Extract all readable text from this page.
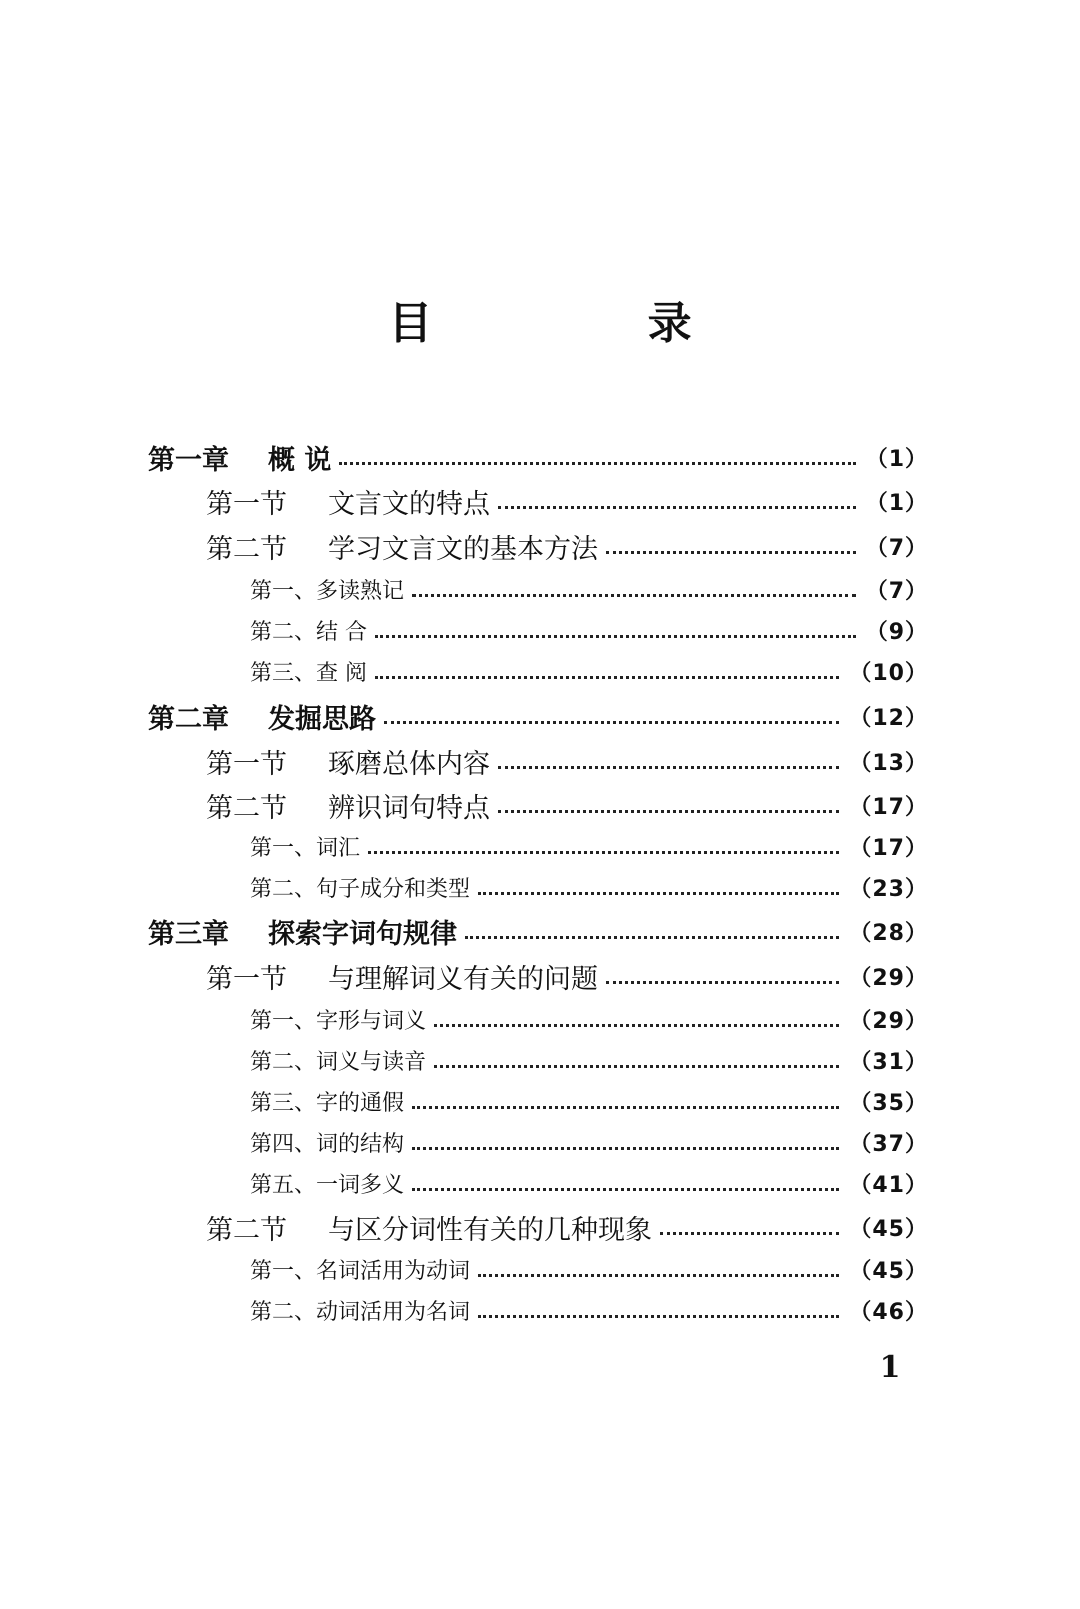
目 录
第一章	概 说	（1）
第一节	文言文的特点	（1）
第二节	学习文言文的基本方法	（7）
第一、多读熟记	（7）
第二、结 合	（9）
第三、查 阅	（10）
第二章	发掘思路	（12）
第一节	琢磨总体内容	（13）
第二节	辨识词句特点	（17）
第一、词汇	（17）
第二、句子成分和类型	（23）
第三章	探索字词句规律	（28）
第一节	与理解词义有关的问题	（29）
第一、字形与词义	（29）
第二、词义与读音	（31）
第三、字的通假	（35）
第四、词的结构	（37）
第五、一词多义	（41）
第二节	与区分词性有关的几种现象	（45）
第一、名词活用为动词	（45）
第二、动词活用为名词	（46）
1
